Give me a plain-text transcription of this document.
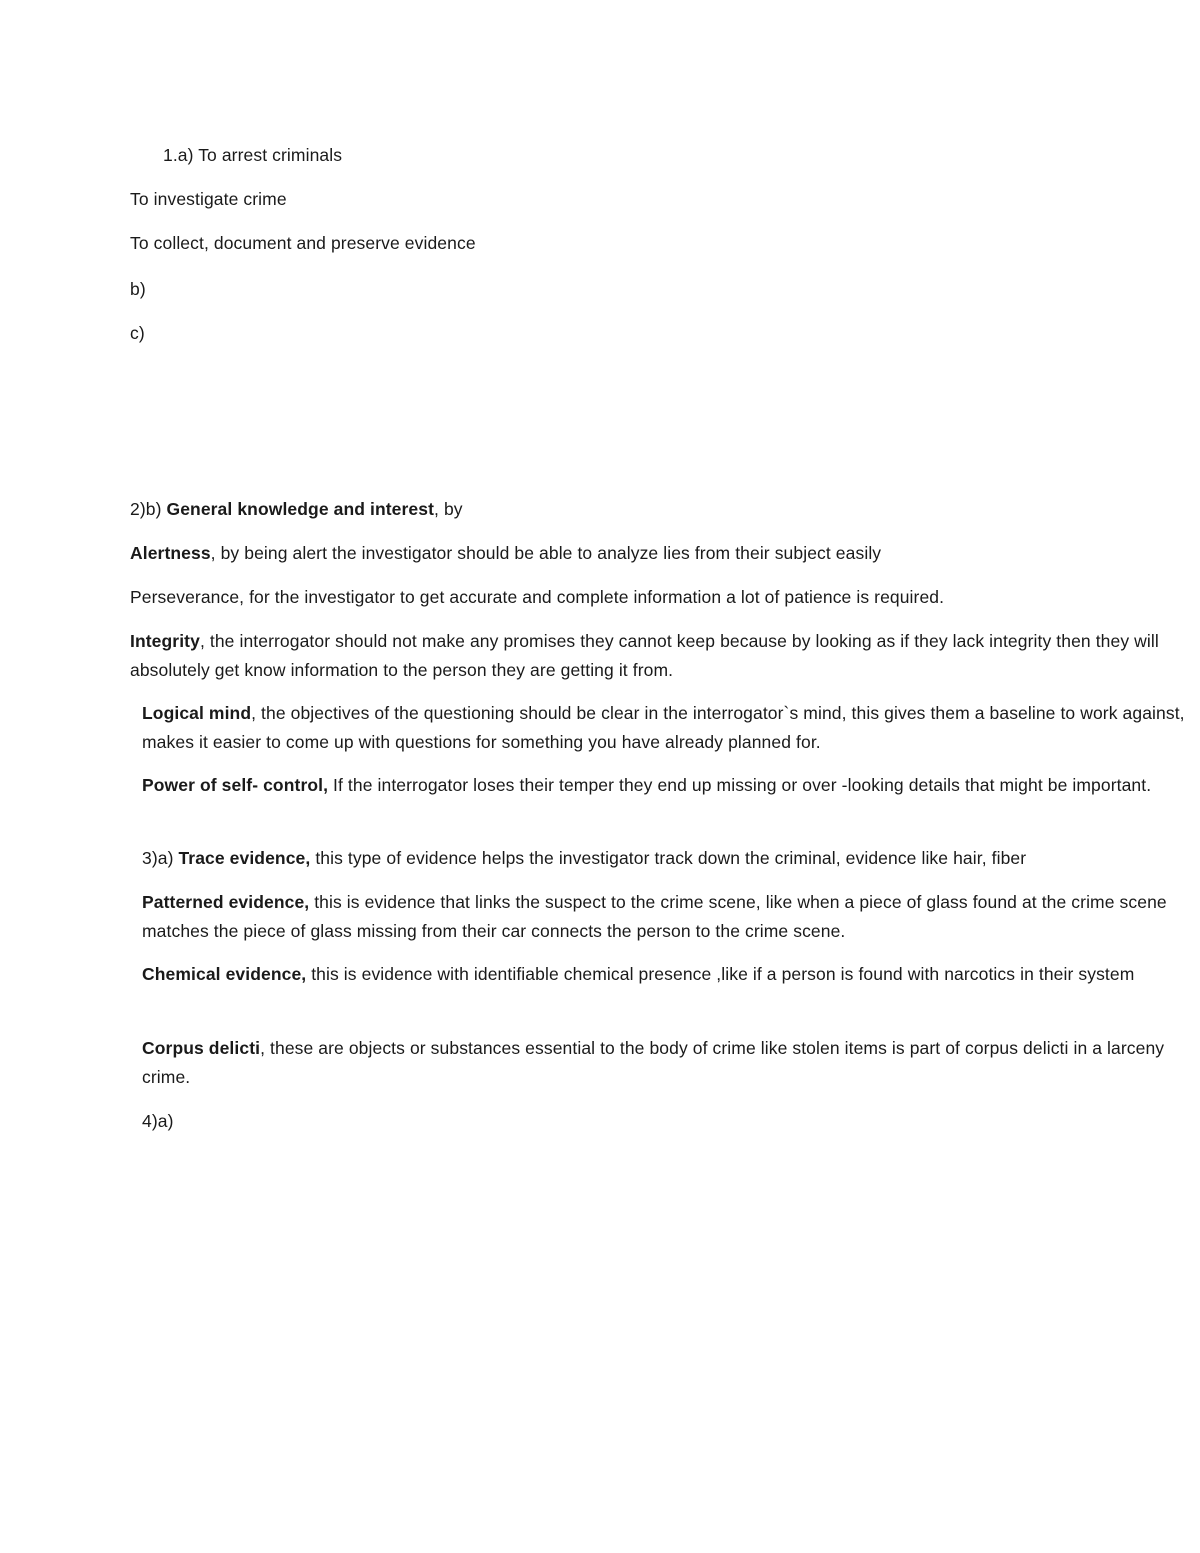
1.a) To arrest criminals
To investigate crime
To collect, document and preserve evidence
b)
c)
2)b) General knowledge and interest, by
Alertness, by being alert the investigator should be able to analyze lies from their subject easily
Perseverance, for the investigator to get accurate and complete information a lot of patience is required.
Integrity, the interrogator should not make any promises they cannot keep because by looking as if they lack integrity then they will absolutely get know information to the person they are getting it from.
Logical mind, the objectives of the questioning should be clear in the interrogator`s mind, this gives them a baseline to work against, makes it easier to come up with questions for something you have already planned for.
Power of self- control, If the interrogator loses their temper they end up missing or over -looking details that might be important.
3)a) Trace evidence, this type of evidence helps the investigator track down the criminal, evidence like hair, fiber
Patterned evidence, this is evidence that links the suspect to the crime scene, like when a piece of glass found at the crime scene matches the piece of glass missing from their car connects the person to the crime scene.
Chemical evidence, this is evidence with identifiable chemical presence ,like if a person is found with narcotics in their system
Corpus delicti, these are objects or substances essential to the body of crime like stolen items is part of corpus delicti in a larceny crime.
4)a)
